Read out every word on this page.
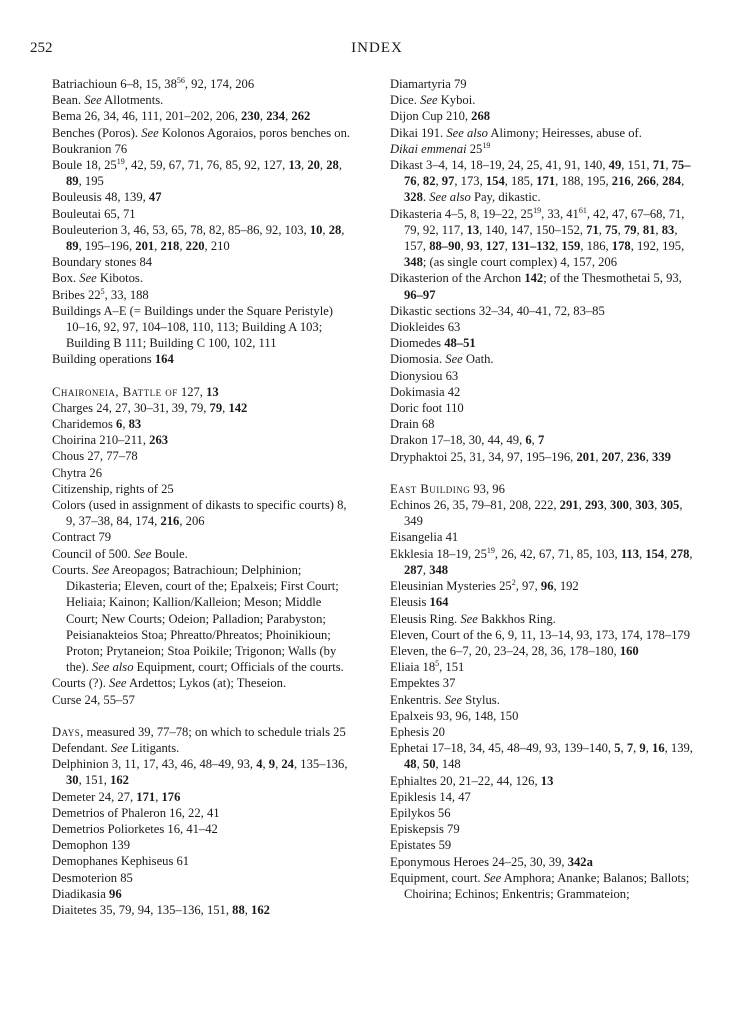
252	INDEX
Batriachioun 6–8, 15, $38^{56}$, 92, 174, 206
Bean. See Allotments.
Bema 26, 34, 46, 111, 201–202, 206, 230, 234, 262
Benches (Poros). See Kolonos Agoraios, poros benches on.
Boukranion 76
Boule 18, $25^{19}$, 42, 59, 67, 71, 76, 85, 92, 127, 13, 20, 28, 89, 195
Bouleusis 48, 139, 47
Bouleutai 65, 71
Bouleuterion 3, 46, 53, 65, 78, 82, 85–86, 92, 103, 10, 28, 89, 195–196, 201, 218, 220, 210
Boundary stones 84
Box. See Kibotos.
Bribes $22^5$, 33, 188
Buildings A–E (= Buildings under the Square Peristyle) 10–16, 92, 97, 104–108, 110, 113; Building A 103; Building B 111; Building C 100, 102, 111
Building operations 164
Chaironeia, Battle of 127, 13
Charges 24, 27, 30–31, 39, 79, 79, 142
Charidemos 6, 83
Choirina 210–211, 263
Chous 27, 77–78
Chytra 26
Citizenship, rights of 25
Colors (used in assignment of dikasts to specific courts) 8, 9, 37–38, 84, 174, 216, 206
Contract 79
Council of 500. See Boule.
Courts. See Areopagos; Batrachioun; Delphinion; Dikasteria; Eleven, court of the; Epalxeis; First Court; Heliaia; Kainon; Kallion/Kalleion; Meson; Middle Court; New Courts; Odeion; Palladion; Parabyston; Peisianakteios Stoa; Phreatto/Phreatos; Phoinikioun; Proton; Prytaneion; Stoa Poikile; Trigonon; Walls (by the). See also Equipment, court; Officials of the courts.
Courts (?). See Ardettos; Lykos (at); Theseion.
Curse 24, 55–57
Days, measured 39, 77–78; on which to schedule trials 25
Defendant. See Litigants.
Delphinion 3, 11, 17, 43, 46, 48–49, 93, 4, 9, 24, 135–136, 30, 151, 162
Demeter 24, 27, 171, 176
Demetrios of Phaleron 16, 22, 41
Demetrios Poliorketes 16, 41–42
Demophon 139
Demophanes Kephiseus 61
Desmoterion 85
Diadikasia 96
Diaitetes 35, 79, 94, 135–136, 151, 88, 162
Diamartyria 79
Dice. See Kyboi.
Dijon Cup 210, 268
Dikai 191. See also Alimony; Heiresses, abuse of.
Dikai emmenai $25^{19}$
Dikast 3–4, 14, 18–19, 24, 25, 41, 91, 140, 49, 151, 71, 75–76, 82, 97, 173, 154, 185, 171, 188, 195, 216, 266, 284, 328. See also Pay, dikastic.
Dikasteria 4–5, 8, 19–22, $25^{19}$, 33, $41^{61}$, 42, 47, 67–68, 71, 79, 92, 117, 13, 140, 147, 150–152, 71, 75, 79, 81, 83, 157, 88–90, 93, 127, 131–132, 159, 186, 178, 192, 195, 348; (as single court complex) 4, 157, 206
Dikasterion of the Archon 142; of the Thesmothetai 5, 93, 96–97
Dikastic sections 32–34, 40–41, 72, 83–85
Diokleides 63
Diomedes 48–51
Diomosia. See Oath.
Dionysiou 63
Dokimasia 42
Doric foot 110
Drain 68
Drakon 17–18, 30, 44, 49, 6, 7
Dryphaktoi 25, 31, 34, 97, 195–196, 201, 207, 236, 339
East Building 93, 96
Echinos 26, 35, 79–81, 208, 222, 291, 293, 300, 303, 305, 349
Eisangelia 41
Ekklesia 18–19, $25^{19}$, 26, 42, 67, 71, 85, 103, 113, 154, 278, 287, 348
Eleusinian Mysteries $25^2$, 97, 96, 192
Eleusis 164
Eleusis Ring. See Bakkhos Ring.
Eleven, Court of the 6, 9, 11, 13–14, 93, 173, 174, 178–179
Eleven, the 6–7, 20, 23–24, 28, 36, 178–180, 160
Eliaia $18^5$, 151
Empektes 37
Enkentris. See Stylus.
Epalxeis 93, 96, 148, 150
Ephesis 20
Ephetai 17–18, 34, 45, 48–49, 93, 139–140, 5, 7, 9, 16, 139, 48, 50, 148
Ephialtes 20, 21–22, 44, 126, 13
Epiklesis 14, 47
Epilykos 56
Episkepsis 79
Epistates 59
Eponymous Heroes 24–25, 30, 39, 342a
Equipment, court. See Amphora; Ananke; Balanos; Ballots; Choirina; Echinos; Enkentris; Grammateion;
